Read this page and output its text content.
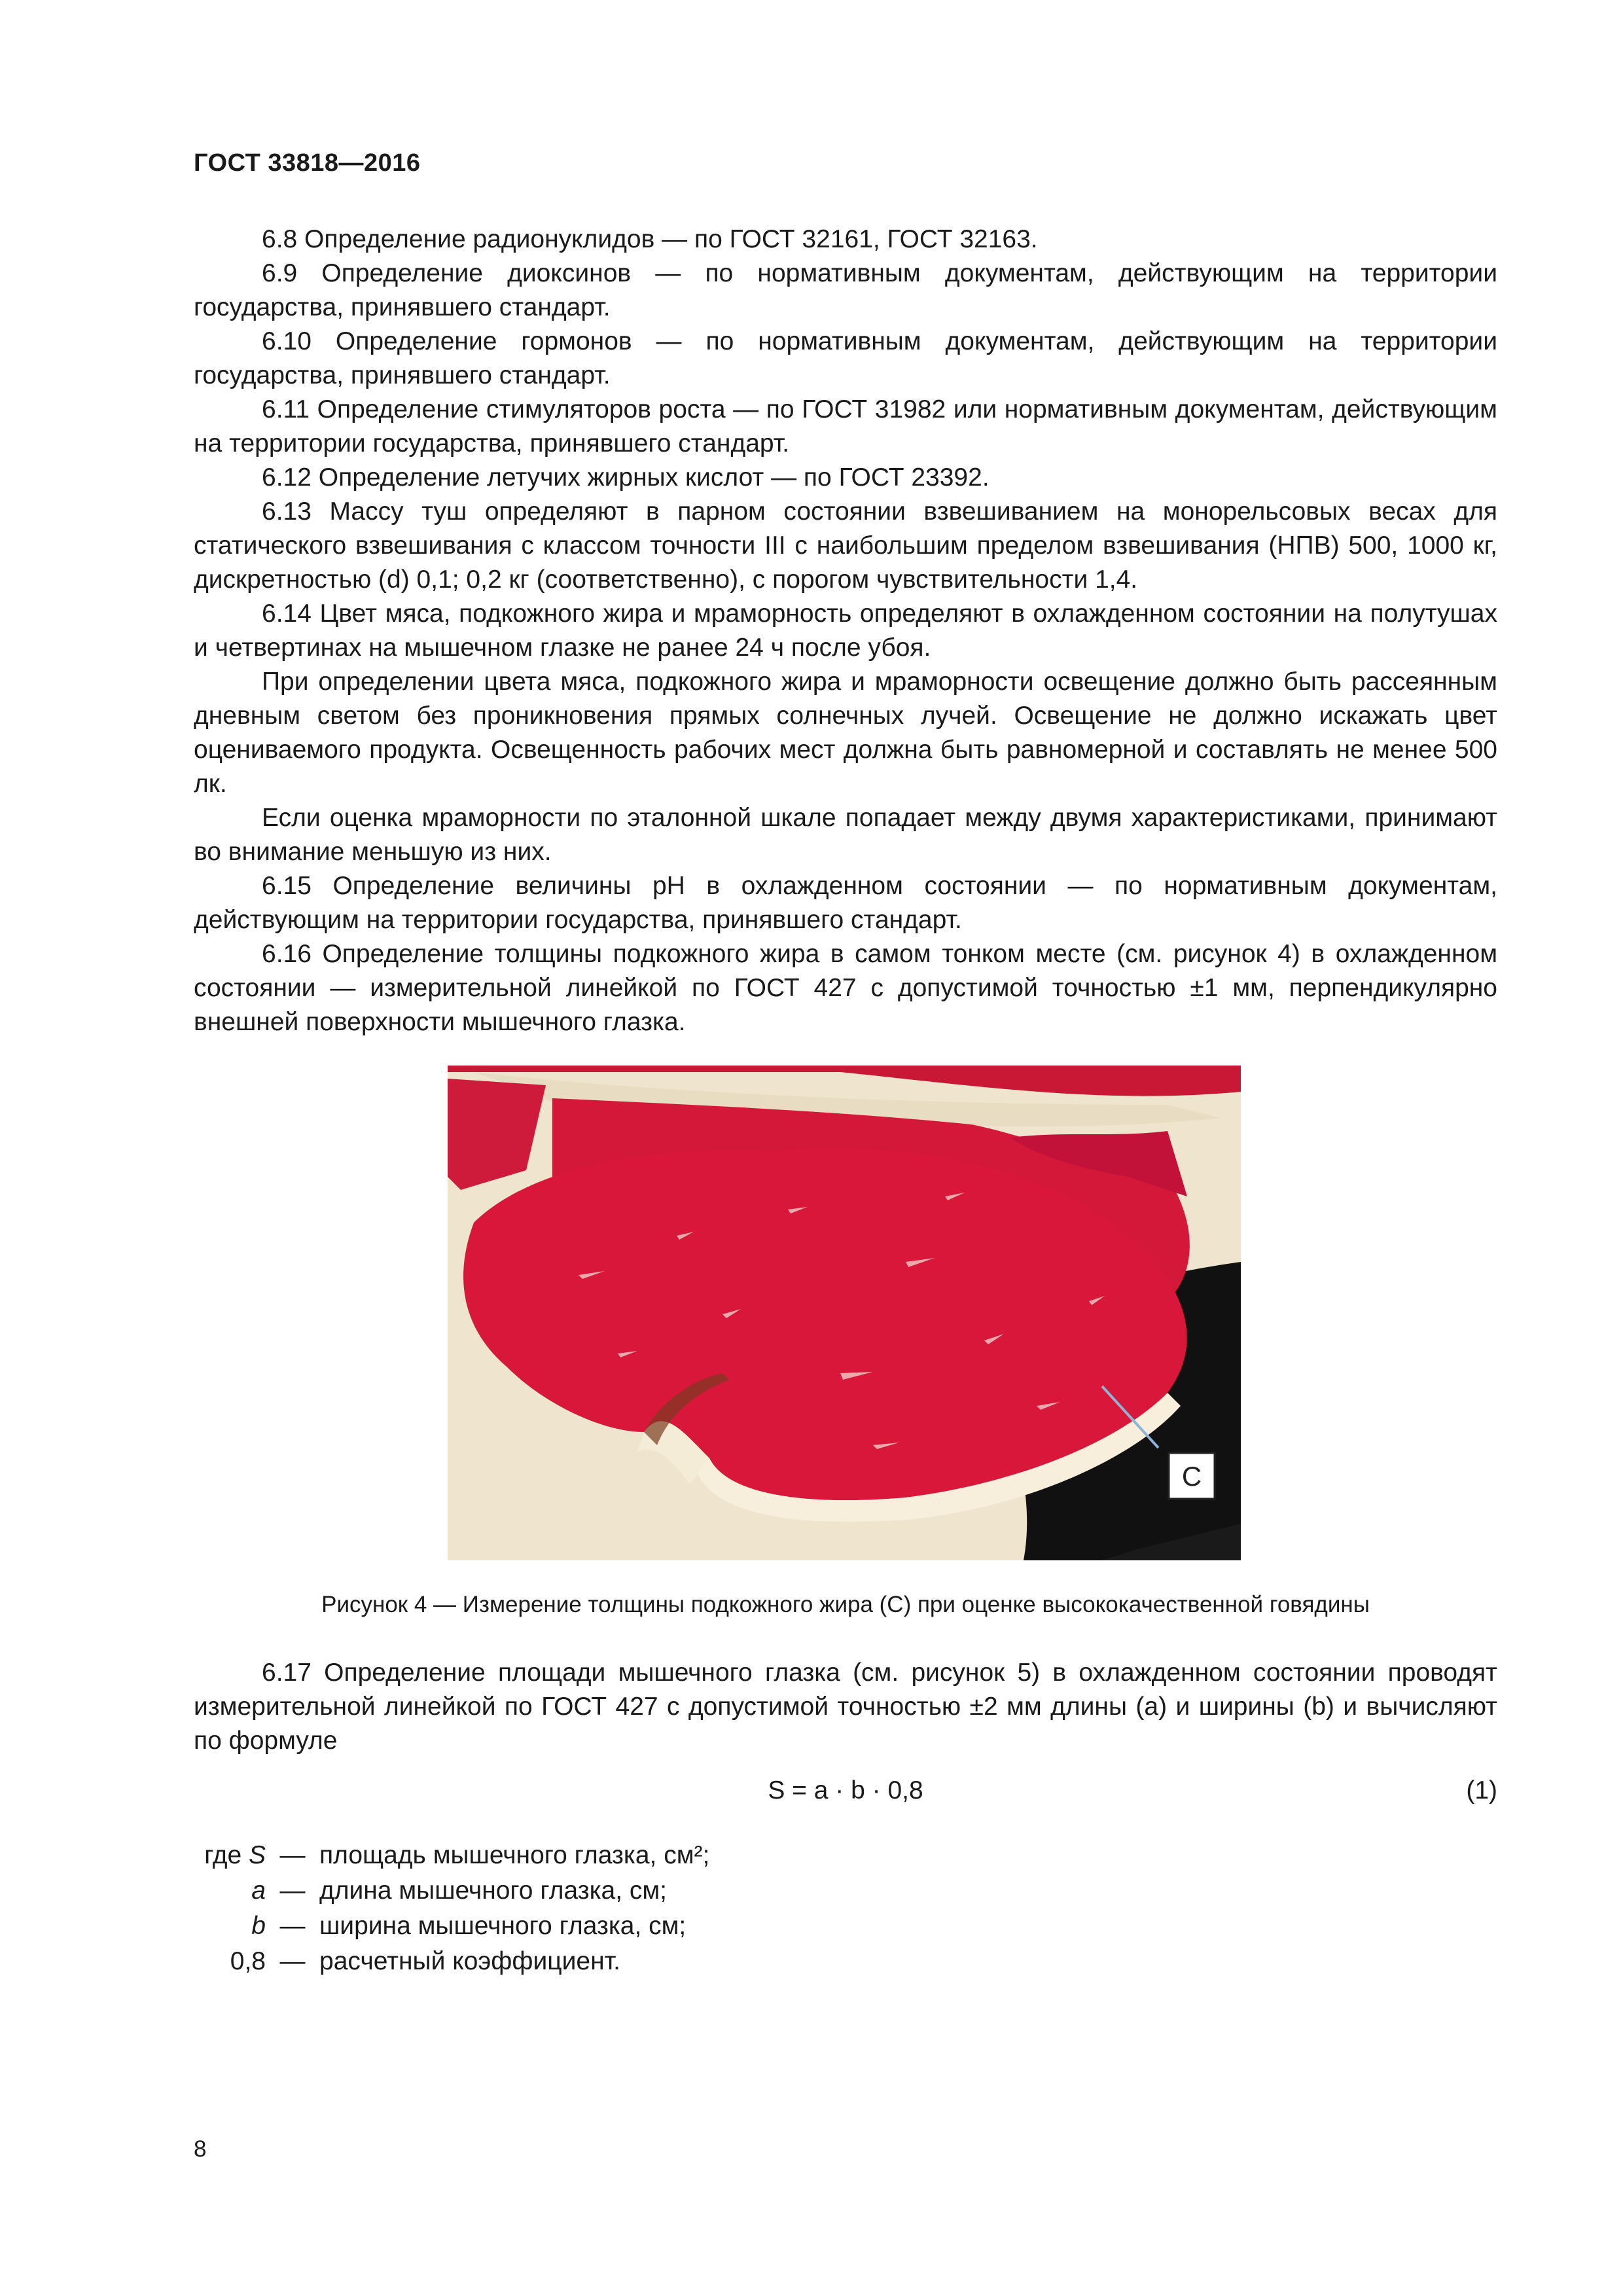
ГОСТ 33818—2016

6.8 Определение радионуклидов — по ГОСТ 32161, ГОСТ 32163.

6.9 Определение диоксинов — по нормативным документам, действующим на территории государства, принявшего стандарт.

6.10 Определение гормонов — по нормативным документам, действующим на территории государства, принявшего стандарт.

6.11 Определение стимуляторов роста — по ГОСТ 31982 или нормативным документам, действующим на территории государства, принявшего стандарт.

6.12 Определение летучих жирных кислот — по ГОСТ 23392.

6.13 Массу туш определяют в парном состоянии взвешиванием на монорельсовых весах для статического взвешивания с классом точности III с наибольшим пределом взвешивания (НПВ) 500, 1000 кг, дискретностью (d) 0,1; 0,2 кг (соответственно), с порогом чувствительности 1,4.

6.14 Цвет мяса, подкожного жира и мраморность определяют в охлажденном состоянии на полутушах и четвертинах на мышечном глазке не ранее 24 ч после убоя.

При определении цвета мяса, подкожного жира и мраморности освещение должно быть рассеянным дневным светом без проникновения прямых солнечных лучей. Освещение не должно искажать цвет оцениваемого продукта. Освещенность рабочих мест должна быть равномерной и составлять не менее 500 лк.

Если оценка мраморности по эталонной шкале попадает между двумя характеристиками, принимают во внимание меньшую из них.

6.15 Определение величины pH в охлажденном состоянии — по нормативным документам, действующим на территории государства, принявшего стандарт.

6.16 Определение толщины подкожного жира в самом тонком месте (см. рисунок 4) в охлажденном состоянии — измерительной линейкой по ГОСТ 427 с допустимой точностью ±1 мм, перпендикулярно внешней поверхности мышечного глазка.

C
Рисунок 4 — Измерение толщины подкожного жира (С) при оценке высококачественной говядины

6.17 Определение площади мышечного глазка (см. рисунок 5) в охлажденном состоянии проводят измерительной линейкой по ГОСТ 427 с допустимой точностью ±2 мм длины (a) и ширины (b) и вычисляют по формуле

S = a · b · 0,8	(1)
где S — площадь мышечного глазка, см²;
a — длина мышечного глазка, см;
b — ширина мышечного глазка, см;
0,8 — расчетный коэффициент.
8
